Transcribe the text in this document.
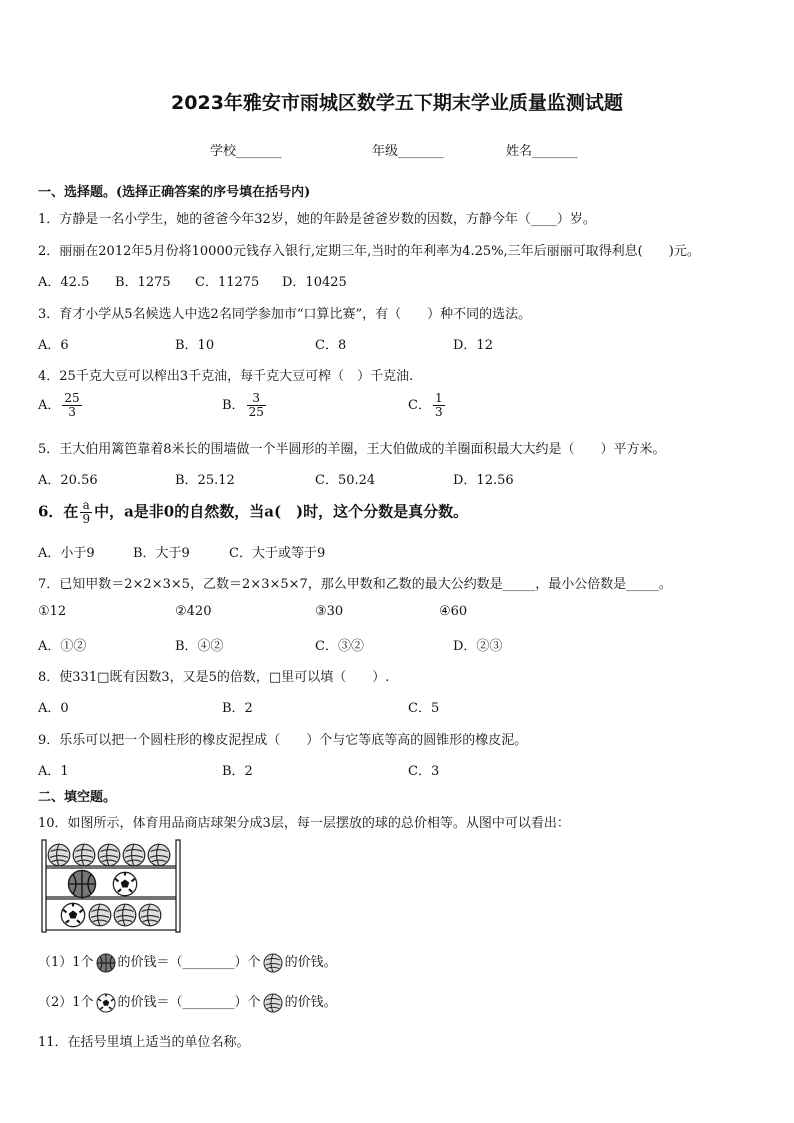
2023年雅安市雨城区数学五下期末学业质量监测试题
学校_______	年级_______	姓名_______
一、选择题。(选择正确答案的序号填在括号内)
1．方静是一名小学生，她的爸爸今年32岁，她的年龄是爸爸岁数的因数，方静今年（____）岁。
2．丽丽在2012年5月份将10000元钱存入银行,定期三年,当时的年利率为4.25%,三年后丽丽可取得利息(　　)元。
A．42.5 B．1275 C．11275 D．10425
3．育才小学从5名候选人中选2名同学参加市“口算比赛”，有（　　）种不同的选法。
A．6	B．10	C．8	D．12
4．25千克大豆可以榨出3千克油，每千克大豆可榨（　）千克油.
A． $\frac{25}{3}$	B． $\frac{3}{25}$	C． $\frac{1}{3}$
5．王大伯用篱笆靠着8米长的围墙做一个半圆形的羊圈，王大伯做成的羊圈面积最大大约是（　　）平方米。
A．20.56	B．25.12	C．50.24	D．12.56
6．在 $\frac{a}{9}$ 中，a是非0的自然数，当a(　)时，这个分数是真分数。
A．小于9	B．大于9	C．大于或等于9
7．已知甲数＝2×2×3×5，乙数＝2×3×5×7，那么甲数和乙数的最大公约数是_____，最小公倍数是_____。
①12	②420	③30	④60
A．①②	B．④②	C．③②	D．②③
8．使331□既有因数3，又是5的倍数，□里可以填（　　）.
A．0	B．2	C．5
9．乐乐可以把一个圆柱形的橡皮泥捏成（　　）个与它等底等高的圆锥形的橡皮泥。
A．1	B．2	C．3
二、填空题。
10．如图所示，体育用品商店球架分成3层，每一层摆放的球的总价相等。从图中可以看出：
（1）1个 的价钱＝（________）个 的价钱。
（2）1个 的价钱＝（________）个 的价钱。
11．在括号里填上适当的单位名称。
